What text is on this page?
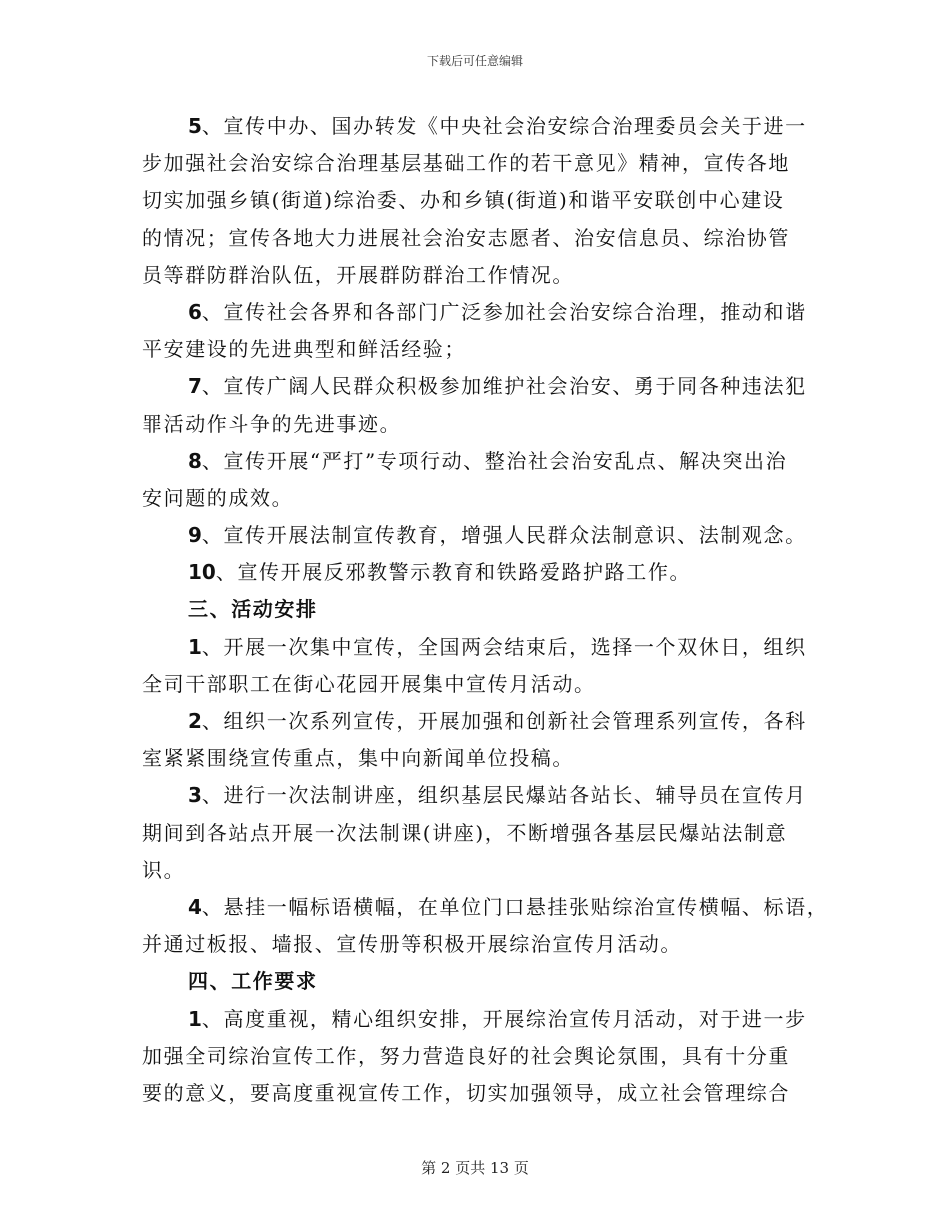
下载后可任意编辑
5、宣传中办、国办转发《中央社会治安综合治理委员会关于进一
步加强社会治安综合治理基层基础工作的若干意见》精神，宣传各地
切实加强乡镇(街道)综治委、办和乡镇(街道)和谐平安联创中心建设
的情况；宣传各地大力进展社会治安志愿者、治安信息员、综治协管
员等群防群治队伍，开展群防群治工作情况。
6、宣传社会各界和各部门广泛参加社会治安综合治理，推动和谐
平安建设的先进典型和鲜活经验；
7、宣传广阔人民群众积极参加维护社会治安、勇于同各种违法犯
罪活动作斗争的先进事迹。
8、宣传开展“严打”专项行动、整治社会治安乱点、解决突出治
安问题的成效。
9、宣传开展法制宣传教育，增强人民群众法制意识、法制观念。
10、宣传开展反邪教警示教育和铁路爱路护路工作。
三、活动安排
1、开展一次集中宣传，全国两会结束后，选择一个双休日，组织
全司干部职工在街心花园开展集中宣传月活动。
2、组织一次系列宣传，开展加强和创新社会管理系列宣传，各科
室紧紧围绕宣传重点，集中向新闻单位投稿。
3、进行一次法制讲座，组织基层民爆站各站长、辅导员在宣传月
期间到各站点开展一次法制课(讲座)，不断增强各基层民爆站法制意
识。
4、悬挂一幅标语横幅，在单位门口悬挂张贴综治宣传横幅、标语，
并通过板报、墙报、宣传册等积极开展综治宣传月活动。
四、工作要求
1、高度重视，精心组织安排，开展综治宣传月活动，对于进一步
加强全司综治宣传工作，努力营造良好的社会舆论氛围，具有十分重
要的意义，要高度重视宣传工作，切实加强领导，成立社会管理综合
第 2 页共 13 页
